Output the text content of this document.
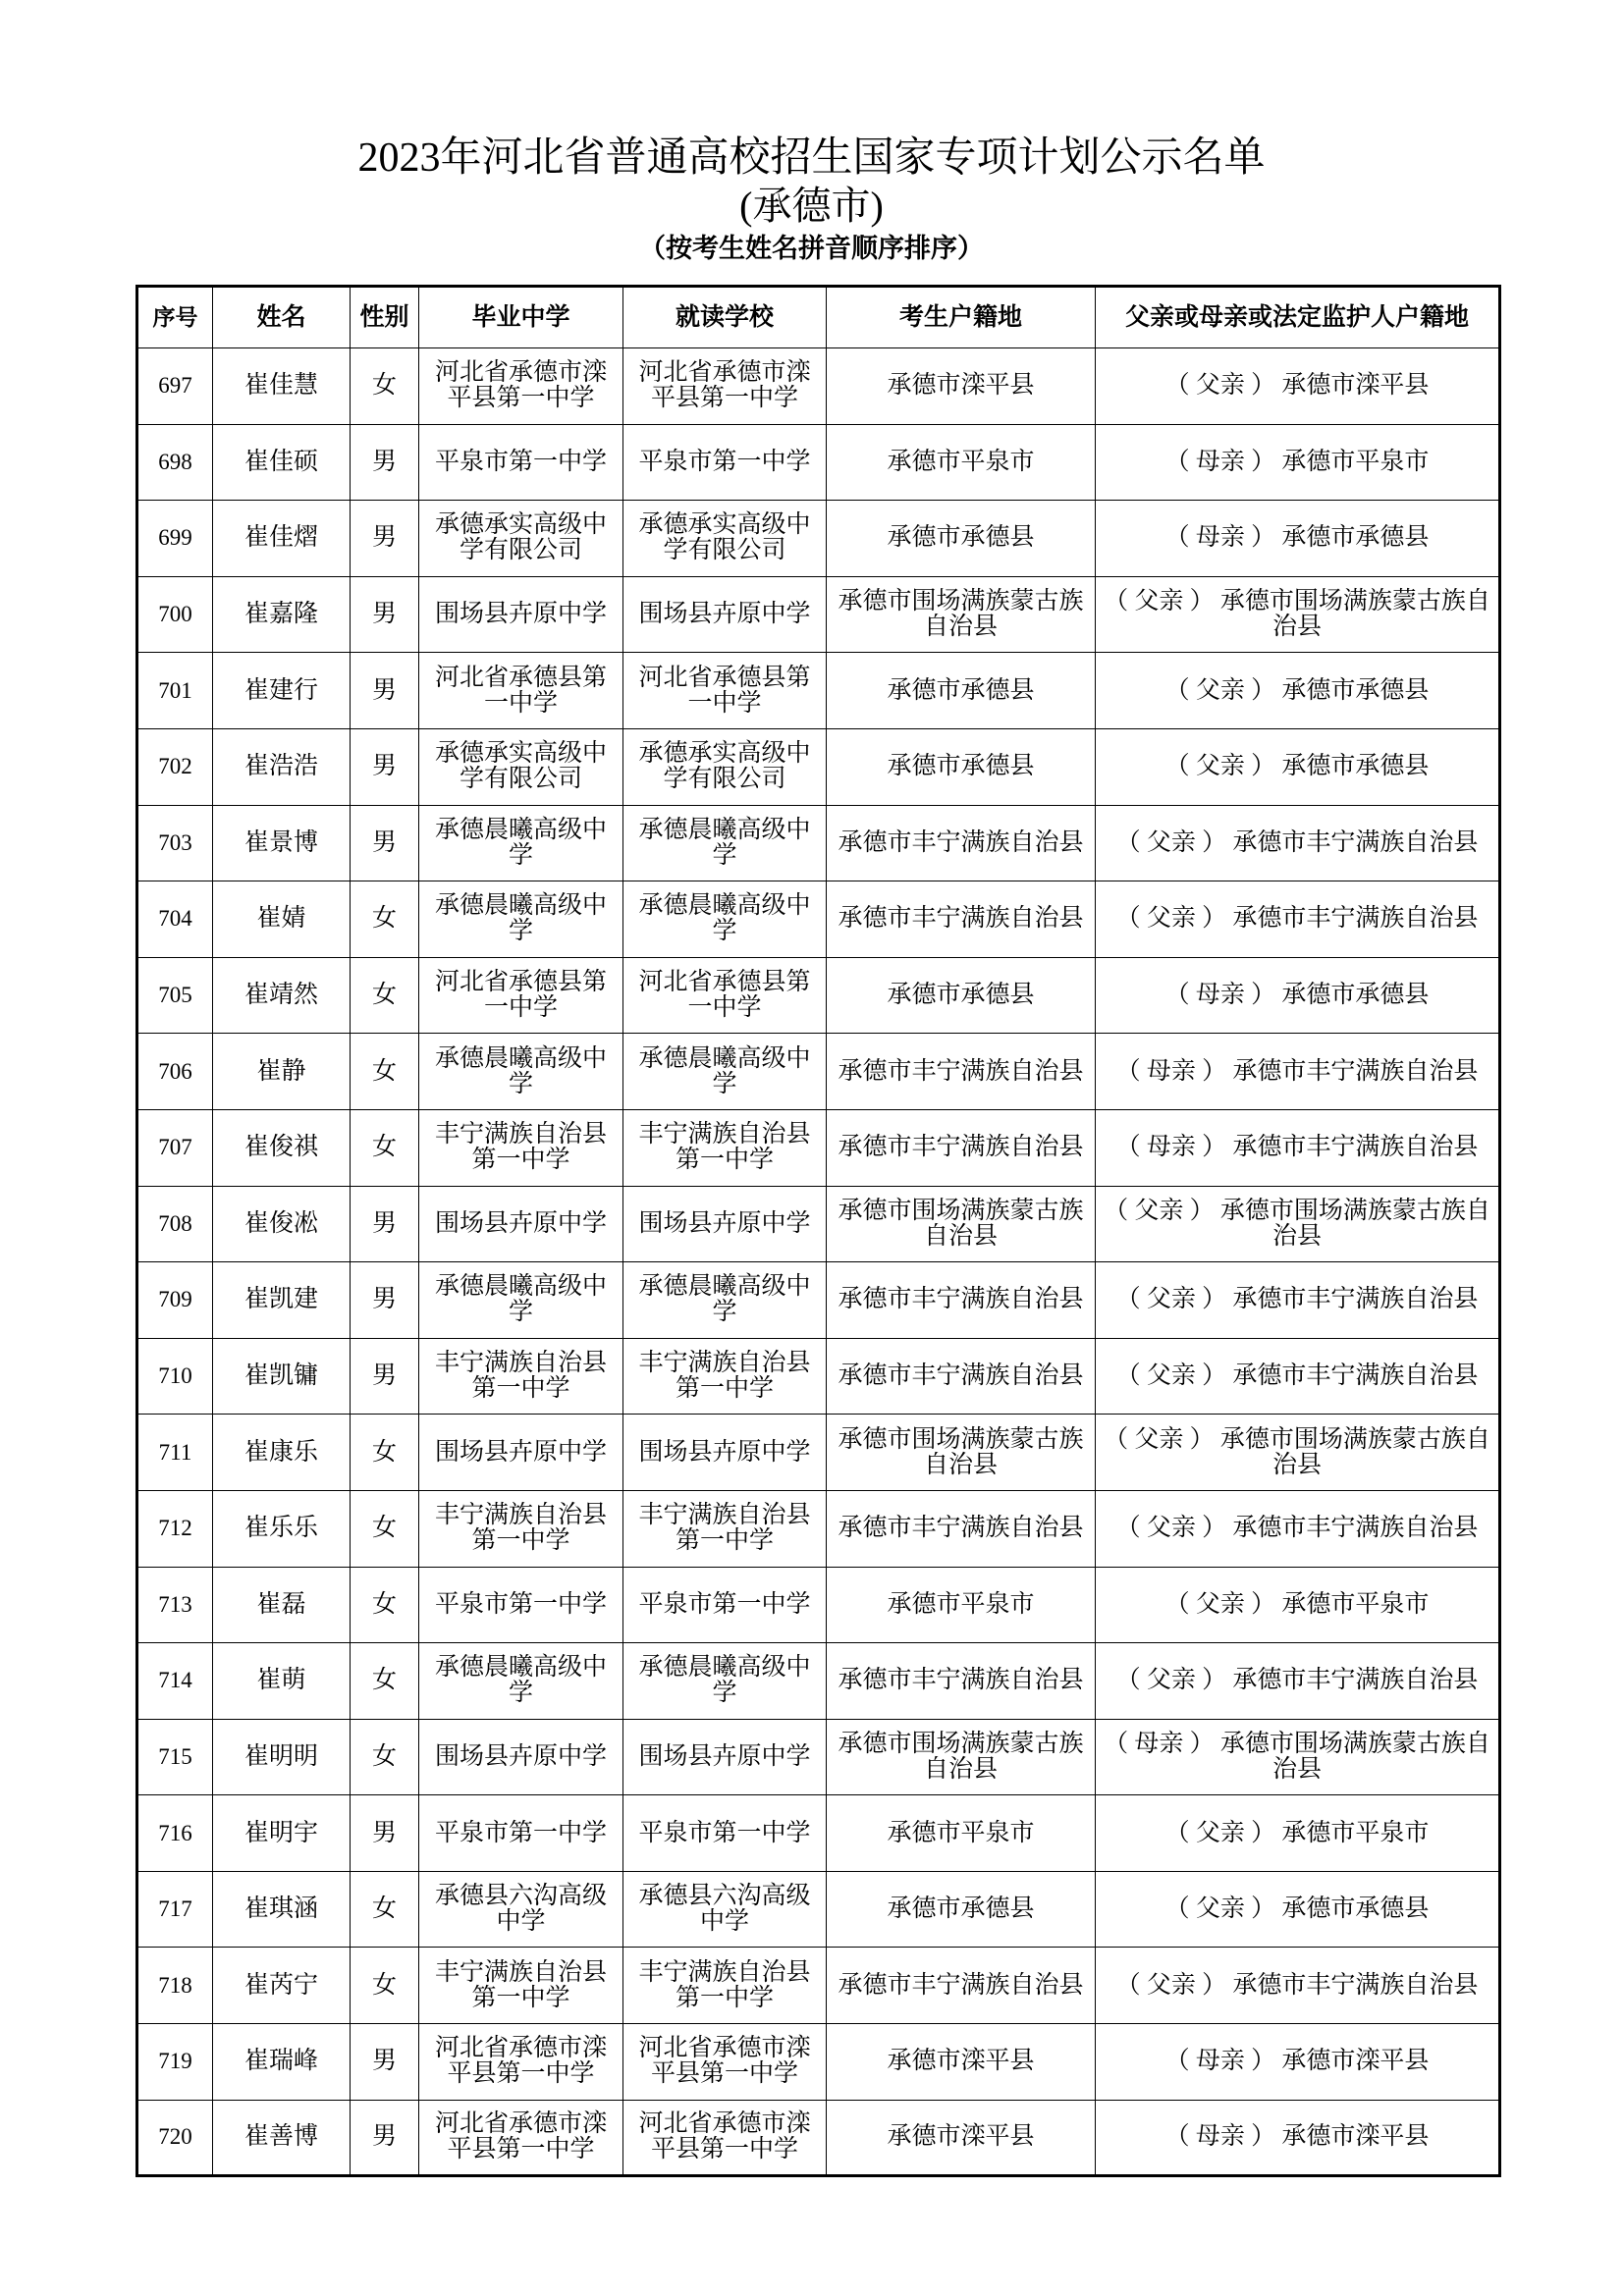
2023年河北省普通高校招生国家专项计划公示名单
(承德市)
（按考生姓名拼音顺序排序）
序号	姓名	性别	毕业中学	就读学校	考生户籍地	父亲或母亲或法定监护人户籍地
697	崔佳慧	女	河北省承德市滦平县第一中学	河北省承德市滦平县第一中学	承德市滦平县	（ 父亲 ） 承德市滦平县
698	崔佳硕	男	平泉市第一中学	平泉市第一中学	承德市平泉市	（ 母亲 ） 承德市平泉市
699	崔佳熠	男	承德承实高级中学有限公司	承德承实高级中学有限公司	承德市承德县	（ 母亲 ） 承德市承德县
700	崔嘉隆	男	围场县卉原中学	围场县卉原中学	承德市围场满族蒙古族自治县	（ 父亲 ） 承德市围场满族蒙古族自治县
701	崔建行	男	河北省承德县第一中学	河北省承德县第一中学	承德市承德县	（ 父亲 ） 承德市承德县
702	崔浩浩	男	承德承实高级中学有限公司	承德承实高级中学有限公司	承德市承德县	（ 父亲 ） 承德市承德县
703	崔景博	男	承德晨曦高级中学	承德晨曦高级中学	承德市丰宁满族自治县	（ 父亲 ） 承德市丰宁满族自治县
704	崔婧	女	承德晨曦高级中学	承德晨曦高级中学	承德市丰宁满族自治县	（ 父亲 ） 承德市丰宁满族自治县
705	崔靖然	女	河北省承德县第一中学	河北省承德县第一中学	承德市承德县	（ 母亲 ） 承德市承德县
706	崔静	女	承德晨曦高级中学	承德晨曦高级中学	承德市丰宁满族自治县	（ 母亲 ） 承德市丰宁满族自治县
707	崔俊祺	女	丰宁满族自治县第一中学	丰宁满族自治县第一中学	承德市丰宁满族自治县	（ 母亲 ） 承德市丰宁满族自治县
708	崔俊凇	男	围场县卉原中学	围场县卉原中学	承德市围场满族蒙古族自治县	（ 父亲 ） 承德市围场满族蒙古族自治县
709	崔凯建	男	承德晨曦高级中学	承德晨曦高级中学	承德市丰宁满族自治县	（ 父亲 ） 承德市丰宁满族自治县
710	崔凯镛	男	丰宁满族自治县第一中学	丰宁满族自治县第一中学	承德市丰宁满族自治县	（ 父亲 ） 承德市丰宁满族自治县
711	崔康乐	女	围场县卉原中学	围场县卉原中学	承德市围场满族蒙古族自治县	（ 父亲 ） 承德市围场满族蒙古族自治县
712	崔乐乐	女	丰宁满族自治县第一中学	丰宁满族自治县第一中学	承德市丰宁满族自治县	（ 父亲 ） 承德市丰宁满族自治县
713	崔磊	女	平泉市第一中学	平泉市第一中学	承德市平泉市	（ 父亲 ） 承德市平泉市
714	崔萌	女	承德晨曦高级中学	承德晨曦高级中学	承德市丰宁满族自治县	（ 父亲 ） 承德市丰宁满族自治县
715	崔明明	女	围场县卉原中学	围场县卉原中学	承德市围场满族蒙古族自治县	（ 母亲 ） 承德市围场满族蒙古族自治县
716	崔明宇	男	平泉市第一中学	平泉市第一中学	承德市平泉市	（ 父亲 ） 承德市平泉市
717	崔琪涵	女	承德县六沟高级中学	承德县六沟高级中学	承德市承德县	（ 父亲 ） 承德市承德县
718	崔芮宁	女	丰宁满族自治县第一中学	丰宁满族自治县第一中学	承德市丰宁满族自治县	（ 父亲 ） 承德市丰宁满族自治县
719	崔瑞峰	男	河北省承德市滦平县第一中学	河北省承德市滦平县第一中学	承德市滦平县	（ 母亲 ） 承德市滦平县
720	崔善博	男	河北省承德市滦平县第一中学	河北省承德市滦平县第一中学	承德市滦平县	（ 母亲 ） 承德市滦平县
